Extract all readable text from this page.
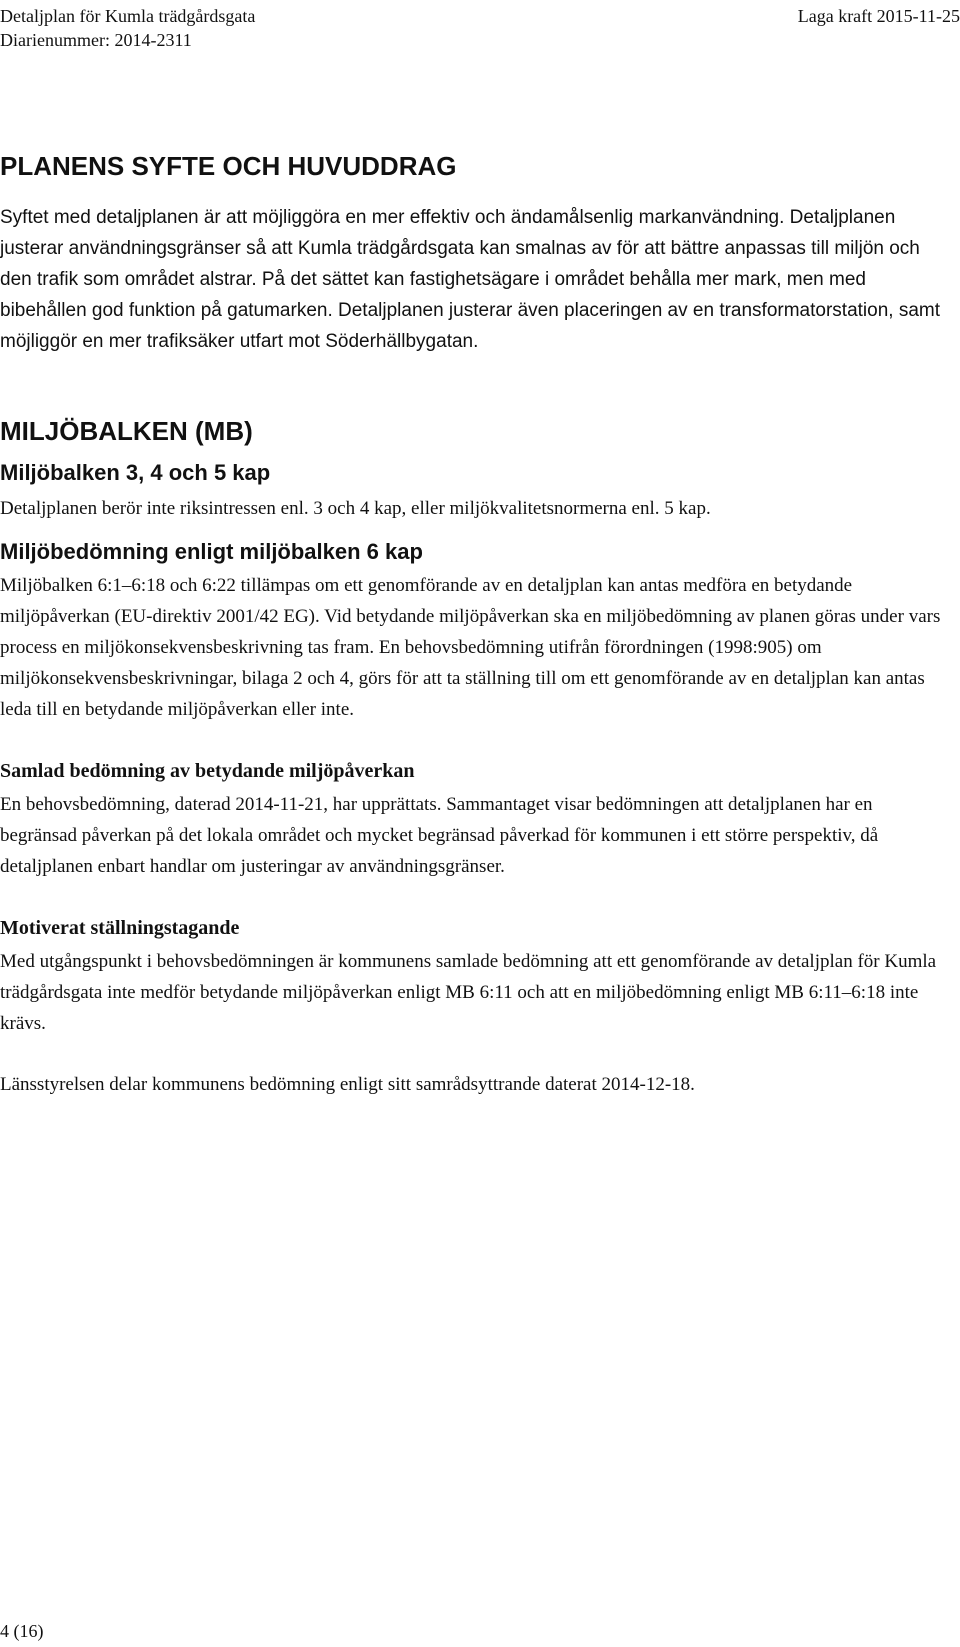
Detaljplan för Kumla trädgårdsgata
Diarienummer: 2014-2311
Laga kraft 2015-11-25
PLANENS SYFTE OCH HUVUDDRAG

Syftet med detaljplanen är att möjliggöra en mer effektiv och ändamålsenlig markanvändning. Detaljplanen justerar användningsgränser så att Kumla trädgårdsgata kan smalnas av för att bättre anpassas till miljön och den trafik som området alstrar. På det sättet kan fastighetsägare i området behålla mer mark, men med bibehållen god funktion på gatumarken. Detaljplanen justerar även placeringen av en transformatorstation, samt möjliggör en mer trafiksäker utfart mot Söderhällbygatan.

MILJÖBALKEN (MB)
Miljöbalken 3, 4 och 5 kap

Detaljplanen berör inte riksintressen enl. 3 och 4 kap, eller miljökvalitetsnormerna enl. 5 kap.

Miljöbedömning enligt miljöbalken 6 kap

Miljöbalken 6:1–6:18 och 6:22 tillämpas om ett genomförande av en detaljplan kan antas medföra en betydande miljöpåverkan (EU-direktiv 2001/42 EG). Vid betydande miljöpåverkan ska en miljöbedömning av planen göras under vars process en miljökonsekvensbeskrivning tas fram. En behovsbedömning utifrån förordningen (1998:905) om miljökonsekvensbeskrivningar, bilaga 2 och 4, görs för att ta ställning till om ett genomförande av en detaljplan kan antas leda till en betydande miljöpåverkan eller inte.

Samlad bedömning av betydande miljöpåverkan

En behovsbedömning, daterad 2014-11-21, har upprättats. Sammantaget visar bedömningen att detaljplanen har en begränsad påverkan på det lokala området och mycket begränsad påverkad för kommunen i ett större perspektiv, då detaljplanen enbart handlar om justeringar av användningsgränser.

Motiverat ställningstagande

Med utgångspunkt i behovsbedömningen är kommunens samlade bedömning att ett genomförande av detaljplan för Kumla trädgårdsgata inte medför betydande miljöpåverkan enligt MB 6:11 och att en miljöbedömning enligt MB 6:11–6:18 inte krävs.

Länsstyrelsen delar kommunens bedömning enligt sitt samrådsyttrande daterat 2014-12-18.

4 (16)
